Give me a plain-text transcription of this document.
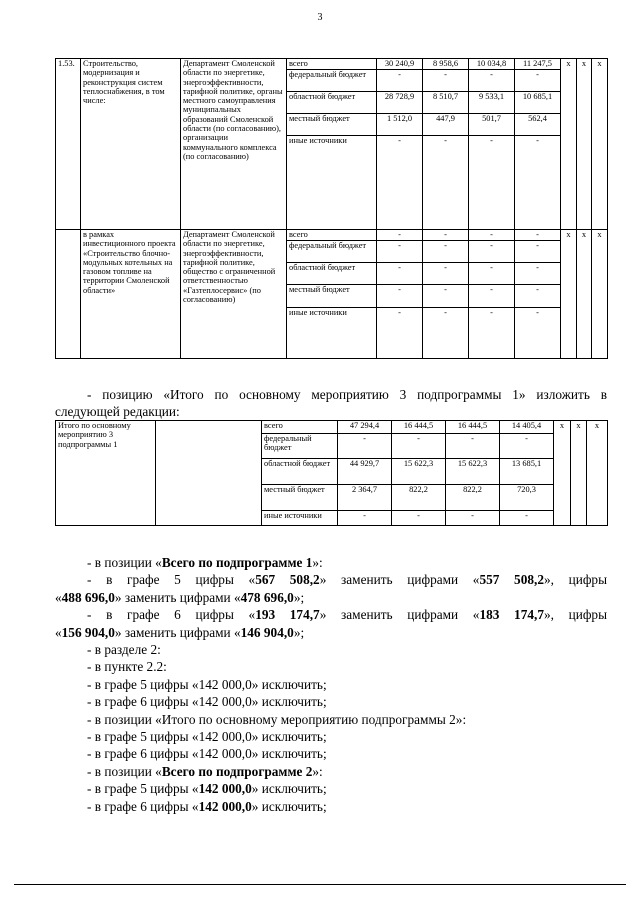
3
1.53.	Строительство, модернизация и реконструкция систем теплоснабжения, в том числе:	Департамент Смоленской области по энергетике, энергоэффективности, тарифной политике, органы местного самоуправления муниципальных образований Смоленской области (по согласованию), организации коммунального комплекса (по согласованию)	всего	30 240,9	8 958,6	10 034,8	11 247,5	x	x	x
			федеральный бюджет	-	-	-	-			
			областной бюджет	28 728,9	8 510,7	9 533,1	10 685,1			
			местный бюджет	1 512,0	447,9	501,7	562,4			
			иные источники	-	-	-	-			
	в рамках инвестиционного проекта «Строительство блочно-модульных котельных на газовом топливе на территории Смоленской области»	Департамент Смоленской области по энергетике, энергоэффективности, тарифной политике, общество с ограниченной ответственностью «Газтеплосервис» (по согласованию)	всего	-	-	-	-	x	x	x
			федеральный бюджет	-	-	-	-			
			областной бюджет	-	-	-	-			
			местный бюджет	-	-	-	-			
			иные источники	-	-	-	-			
- позицию «Итого по основному мероприятию 3 подпрограммы 1» изложить в
следующей редакции:
Итого по основному мероприятию 3 подпрограммы 1		всего	47 294,4	16 444,5	16 444,5	14 405,4	x	x	x
		федеральный бюджет	-	-	-	-			
		областной бюджет	44 929,7	15 622,3	15 622,3	13 685,1			
		местный бюджет	2 364,7	822,2	822,2	720,3			
		иные источники	-	-	-	-			
- в позиции «Всего по подпрограмме 1»:
- в графе 5 цифры «567 508,2» заменить цифрами «557 508,2», цифры
«488 696,0» заменить цифрами «478 696,0»;
- в графе 6 цифры «193 174,7» заменить цифрами «183 174,7», цифры
«156 904,0» заменить цифрами «146 904,0»;
- в разделе 2:
- в пункте 2.2:
- в графе 5 цифры «142 000,0» исключить;
- в графе 6 цифры «142 000,0» исключить;
- в позиции «Итого по основному мероприятию подпрограммы 2»:
- в графе 5 цифры «142 000,0» исключить;
- в графе 6 цифры «142 000,0» исключить;
- в позиции «Всего по подпрограмме 2»:
- в графе 5 цифры «142 000,0» исключить;
- в графе 6 цифры «142 000,0» исключить;
